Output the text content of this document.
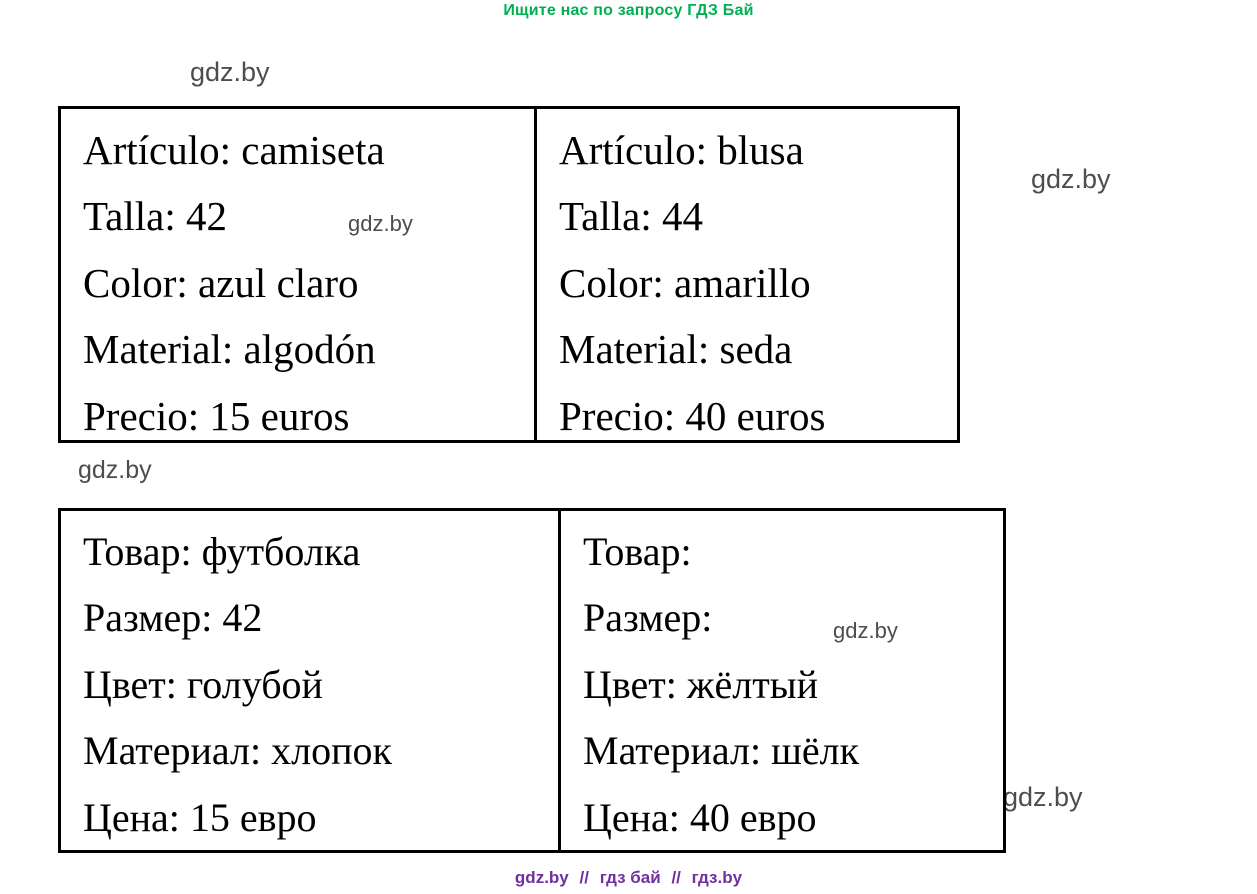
Ищите нас по запросу ГДЗ Бай
gdz.by
gdz.by
gdz.by
gdz.by
gdz.by
gdz.by
Artículo: camiseta
Talla: 42
Color: azul claro
Material: algodón
Precio: 15 euros
Artículo: blusa
Talla: 44
Color: amarillo
Material: seda
Precio: 40 euros
Товар: футболка
Размер: 42
Цвет: голубой
Материал: хлопок
Цена: 15 евро
Товар:
Размер:
Цвет: жёлтый
Материал: шёлк
Цена: 40 евро
gdz.by // гдз бай // гдз.by
